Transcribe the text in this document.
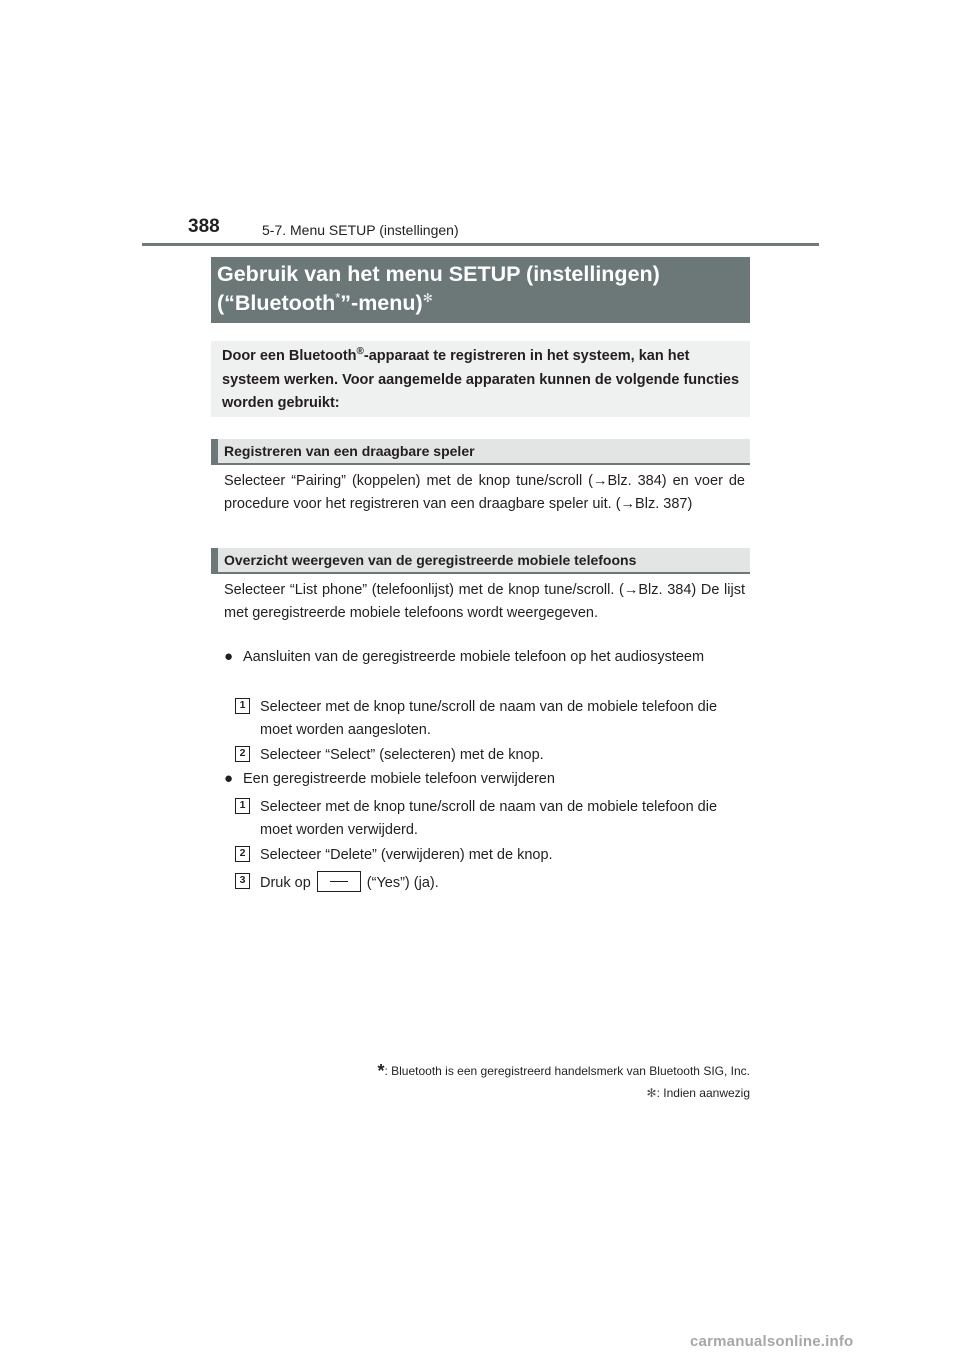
388	5-7. Menu SETUP (instellingen)
Gebruik van het menu SETUP (instellingen)
(“Bluetooth*”-menu)✻
Door een Bluetooth®-apparaat te registreren in het systeem, kan het systeem werken. Voor aangemelde apparaten kunnen de volgende functies worden gebruikt:
Registreren van een draagbare speler
Selecteer “Pairing” (koppelen) met de knop tune/scroll (→Blz. 384) en voer de procedure voor het registreren van een draagbare speler uit. (→Blz. 387)
Overzicht weergeven van de geregistreerde mobiele telefoons
Selecteer “List phone” (telefoonlijst) met de knop tune/scroll. (→Blz. 384) De lijst met geregistreerde mobiele telefoons wordt weergegeven.
● Aansluiten van de geregistreerde mobiele telefoon op het audiosysteem
1	Selecteer met de knop tune/scroll de naam van de mobiele telefoon die moet worden aangesloten.
2	Selecteer “Select” (selecteren) met de knop.
● Een geregistreerde mobiele telefoon verwijderen
1	Selecteer met de knop tune/scroll de naam van de mobiele telefoon die moet worden verwijderd.
2	Selecteer “Delete” (verwijderen) met de knop.
3	Druk op	(“Yes”) (ja).
*: Bluetooth is een geregistreerd handelsmerk van Bluetooth SIG, Inc.
✻: Indien aanwezig
carmanualsonline.info
